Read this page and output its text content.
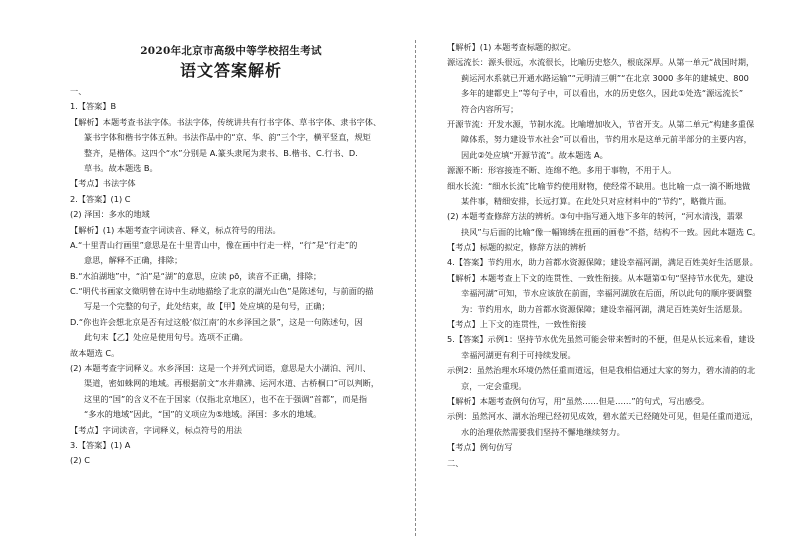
2020年北京市高级中等学校招生考试
语文答案解析
一、
1.【答案】B
【解析】本题考查书法字体。书法字体，传统讲共有行书字体、草书字体、隶书字体、
篆书字体和楷书字体五种。书法作品中的“京、华、韵”三个字，横平竖直，规矩
整齐，是楷体。这四个“水”分别是 A.篆头隶尾为隶书、B.楷书、C.行书、D.
草书。故本题选 B。
【考点】书法字体
2.【答案】(1) C
(2) 泽国：多水的地域
【解析】(1) 本题考查字词读音、释义，标点符号的用法。
A.“十里青山行画里”意思是在十里青山中，像在画中行走一样，“行”是“行走”的
意思，解释不正确，排除；
B.“水泊湖地”中，“泊”是“湖”的意思，应读 pō，读音不正确，排除；
C.“明代书画家文徵明曾在诗中生动地描绘了北京的湖光山色”是陈述句，与前面的描
写是一个完整的句子，此处结束，故【甲】处应填的是句号，正确；
D.“你也许会想北京是否有过这般‘似江南’的水乡泽国之景”，这是一句陈述句，因
此句末【乙】处应是使用句号。选项不正确。
故本题选 C。
(2) 本题考查字词释义。水乡泽国：这是一个并列式词语，意思是大小湖泊、河川、
渠道，密如蛛网的地域。再根据前文“水井鼎沸、运河水道、古桥桐口”可以判断，
这里的“国”的含义不在于国家（仅指北京地区），也不在于强调“首都”，而是指
“多水的地域”因此，“国”的义项应为⑤地域。泽国：多水的地域。
【考点】字词读音，字词释义，标点符号的用法
3.【答案】(1) A
(2) C
【解析】(1) 本题考查标题的拟定。
源远流长：源头很远，水流很长，比喻历史悠久，根底深厚。从第一单元“战国时期，
蓟运河水系就已开通水路运输”“元明清三朝”“在北京 3000 多年的建城史、800
多年的建都史上”等句子中，可以看出，水的历史悠久，因此①处选“源远流长”
符合内容所写；
开源节流：开发水源，节制水流。比喻增加收入，节省开支。从第二单元“构建多重保
障体系，努力建设节水社会”可以看出，节约用水是这单元前半部分的主要内容，
因此②处应填“开源节流”。故本题选 A。
源源不断：形容接连不断、连绵不绝。多用于事物，不用于人。
细水长流：“细水长流”比喻节约使用财物，使经常不缺用。也比喻一点一滴不断地做
某件事，精细安排，长远打算。在此处只对应材料中的“节约”，略微片面。
(2) 本题考查修辞方法的辨析。③句中指写通入地下多年的转河，“河水清浅，翡翠
抉风”与后面的比喻“像一幅锦绣在扭画的画卷”不搭，结构不一致。因此本题选 C。
【考点】标题的拟定，修辞方法的辨析
4.【答案】节约用水，助力首都水资源保障；建设幸福河湖，满足百姓美好生活愿景。
【解析】本题考查上下文的连贯性、一致性衔接。从本题第①句“坚持节水优先，建设
幸福河湖”可知，节水应该放在前面，幸福河湖放在后面，所以此句的顺序要调整
为：节约用水，助力首都水资源保障；建设幸福河湖，满足百姓美好生活愿景。
【考点】上下文的连贯性，一致性衔接
5.【答案】示例1：坚持节水优先虽然可能会带来暂时的不便，但是从长远来看，建设
幸福河湖更有利于可持续发展。
示例2：虽然治理水环境仍然任重而道远，但是我相信通过大家的努力，碧水清韵的北
京，一定会重现。
【解析】本题考查例句仿写，用“虽然……但是……”的句式，写出感受。
示例：虽然河水、湖水治理已经初见成效，碧水蓝天已经随处可见，但是任重而道远，
水的治理依然需要我们坚持不懈地继续努力。
【考点】例句仿写
二、
